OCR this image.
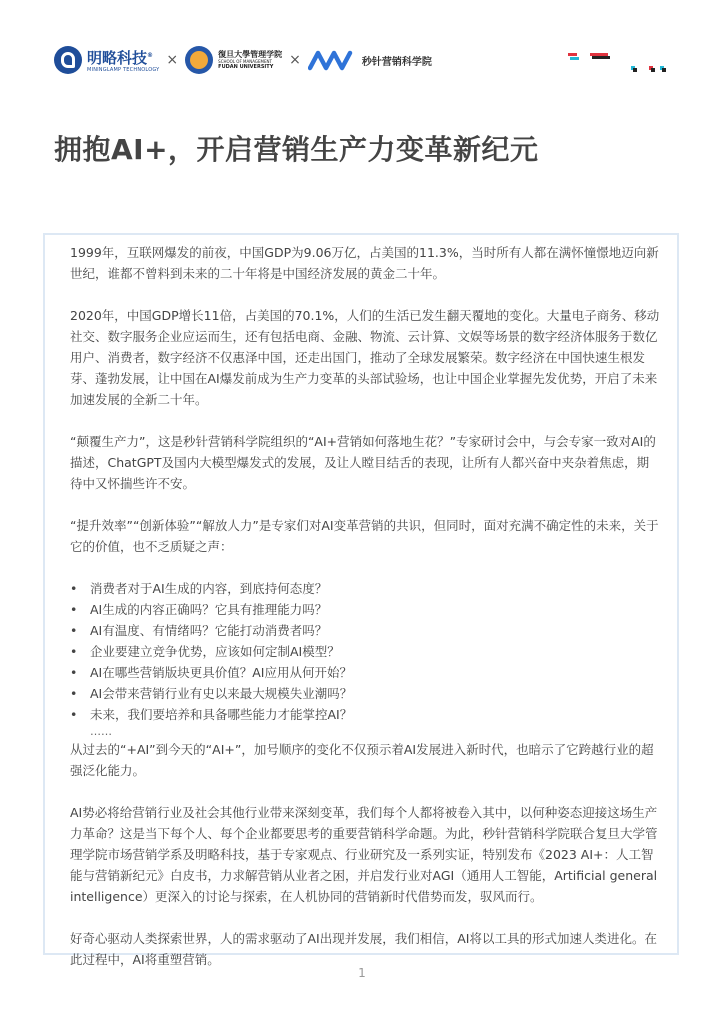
明略科技®
MININGLAMP TECHNOLOGY
×	復旦大學管理学院
SCHOOL OF MANAGEMENT
FUDAN UNIVERSITY	×	秒针营销科学院
拥抱AI+，开启营销生产力变革新纪元

1999年，互联网爆发的前夜，中国GDP为9.06万亿，占美国的11.3%，当时所有人都在满怀憧憬地迈向新世纪，谁都不曾料到未来的二十年将是中国经济发展的黄金二十年。

2020年，中国GDP增长11倍，占美国的70.1%，人们的生活已发生翻天覆地的变化。大量电子商务、移动社交、数字服务企业应运而生，还有包括电商、金融、物流、云计算、文娱等场景的数字经济体服务于数亿用户、消费者，数字经济不仅惠泽中国，还走出国门，推动了全球发展繁荣。数字经济在中国快速生根发芽、蓬勃发展，让中国在AI爆发前成为生产力变革的头部试验场，也让中国企业掌握先发优势，开启了未来加速发展的全新二十年。

“颠覆生产力”，这是秒针营销科学院组织的“AI+营销如何落地生花？”专家研讨会中，与会专家一致对AI的描述，ChatGPT及国内大模型爆发式的发展，及让人瞠目结舌的表现，让所有人都兴奋中夹杂着焦虑，期待中又怀揣些许不安。

“提升效率”“创新体验”“解放人力”是专家们对AI变革营销的共识，但同时，面对充满不确定性的未来，关于它的价值，也不乏质疑之声：

• 消费者对于AI生成的内容，到底持何态度？
• AI生成的内容正确吗？它具有推理能力吗？
• AI有温度、有情绪吗？它能打动消费者吗？
• 企业要建立竞争优势，应该如何定制AI模型？
• AI在哪些营销版块更具价值？AI应用从何开始？
• AI会带来营销行业有史以来最大规模失业潮吗？
• 未来，我们要培养和具备哪些能力才能掌控AI？
……

从过去的“+AI”到今天的“AI+”，加号顺序的变化不仅预示着AI发展进入新时代，也暗示了它跨越行业的超强泛化能力。

AI势必将给营销行业及社会其他行业带来深刻变革，我们每个人都将被卷入其中，以何种姿态迎接这场生产力革命？这是当下每个人、每个企业都要思考的重要营销科学命题。为此，秒针营销科学院联合复旦大学管理学院市场营销学系及明略科技，基于专家观点、行业研究及一系列实证，特别发布《2023 AI+：人工智能与营销新纪元》白皮书，力求解营销从业者之困，并启发行业对AGI（通用人工智能，Artificial general intelligence）更深入的讨论与探索，在人机协同的营销新时代借势而发，驭风而行。

好奇心驱动人类探索世界，人的需求驱动了AI出现并发展，我们相信，AI将以工具的形式加速人类进化。在此过程中，AI将重塑营销。

1
